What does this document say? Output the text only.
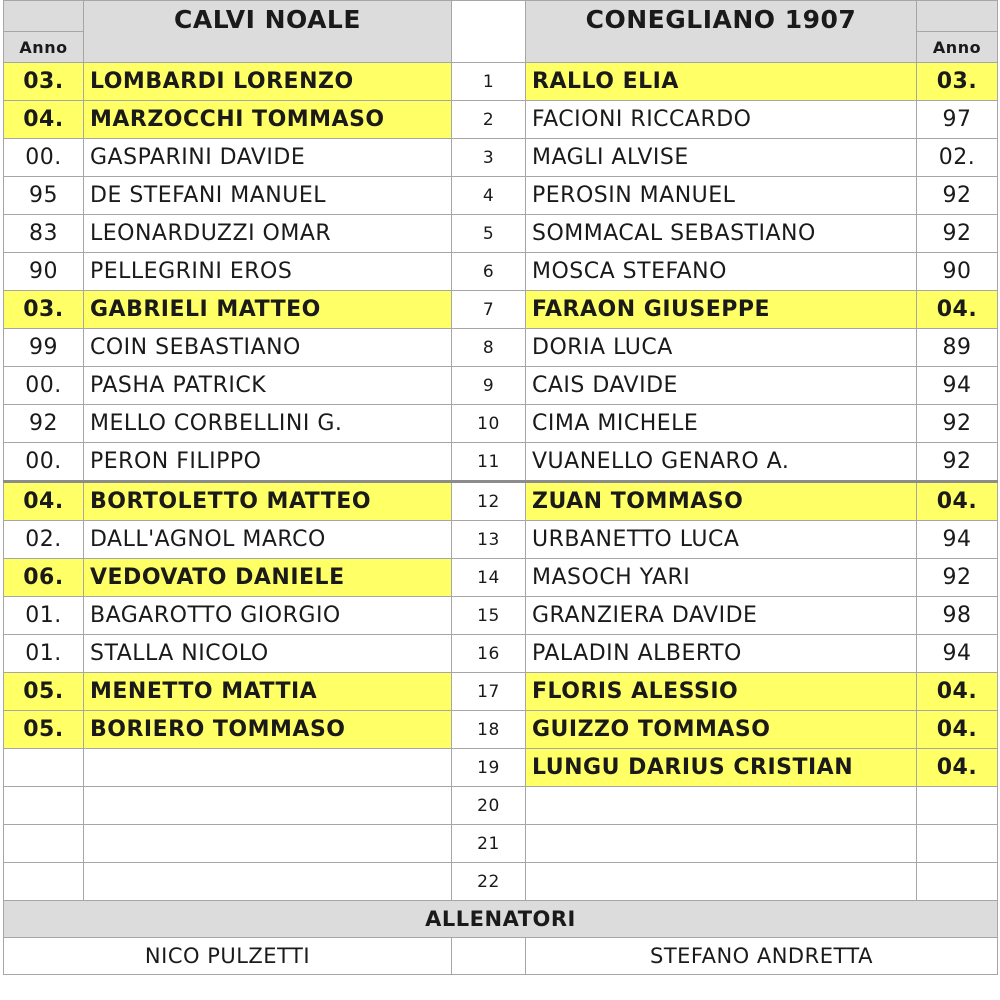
	CALVI NOALE		CONEGLIANO 1907	
Anno				Anno
03.	LOMBARDI LORENZO	1	RALLO ELIA	03.
04.	MARZOCCHI TOMMASO	2	FACIONI RICCARDO	97
00.	GASPARINI DAVIDE	3	MAGLI ALVISE	02.
95	DE STEFANI MANUEL	4	PEROSIN MANUEL	92
83	LEONARDUZZI OMAR	5	SOMMACAL SEBASTIANO	92
90	PELLEGRINI EROS	6	MOSCA STEFANO	90
03.	GABRIELI MATTEO	7	FARAON GIUSEPPE	04.
99	COIN SEBASTIANO	8	DORIA LUCA	89
00.	PASHA PATRICK	9	CAIS DAVIDE	94
92	MELLO CORBELLINI G.	10	CIMA MICHELE	92
00.	PERON FILIPPO	11	VUANELLO GENARO A.	92
04.	BORTOLETTO MATTEO	12	ZUAN TOMMASO	04.
02.	DALL'AGNOL MARCO	13	URBANETTO LUCA	94
06.	VEDOVATO DANIELE	14	MASOCH YARI	92
01.	BAGAROTTO GIORGIO	15	GRANZIERA DAVIDE	98
01.	STALLA NICOLO	16	PALADIN ALBERTO	94
05.	MENETTO MATTIA	17	FLORIS ALESSIO	04.
05.	BORIERO TOMMASO	18	GUIZZO TOMMASO	04.
		19	LUNGU DARIUS CRISTIAN	04.
		20		
		21		
		22		
ALLENATORI				
NICO PULZETTI			STEFANO ANDRETTA	
